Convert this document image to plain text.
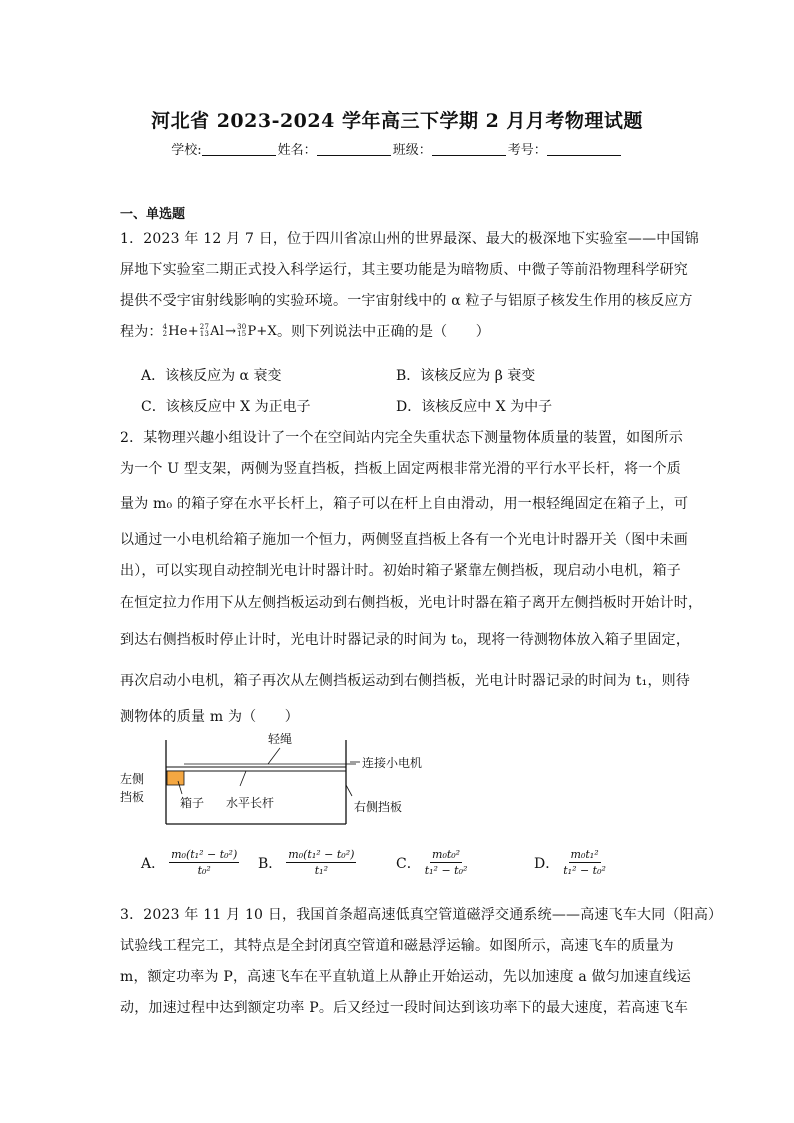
河北省 2023-2024 学年高三下学期 2 月月考物理试题
学校:	姓名：	班级：	考号：
一、单选题
1．2023 年 12 月 7 日，位于四川省凉山州的世界最深、最大的极深地下实验室——中国锦
屏地下实验室二期正式投入科学运行，其主要功能是为暗物质、中微子等前沿物理科学研究
提供不受宇宙射线影响的实验环境。一宇宙射线中的 α 粒子与铝原子核发生作用的核反应方
程为： 4
2 He+ 27
13 Al → 30
15 P+X 。则下列说法中正确的是（　　）
A．该核反应为 α 衰变	B．该核反应为 β 衰变
C．该核反应中 X 为正电子	D．该核反应中 X 为中子
2．某物理兴趣小组设计了一个在空间站内完全失重状态下测量物体质量的装置，如图所示
为一个 U 型支架，两侧为竖直挡板，挡板上固定两根非常光滑的平行水平长杆，将一个质
量为 m₀ 的箱子穿在水平长杆上，箱子可以在杆上自由滑动，用一根轻绳固定在箱子上，可
以通过一小电机给箱子施加一个恒力，两侧竖直挡板上各有一个光电计时器开关（图中未画
出），可以实现自动控制光电计时器计时。初始时箱子紧靠左侧挡板，现启动小电机，箱子
在恒定拉力作用下从左侧挡板运动到右侧挡板，光电计时器在箱子离开左侧挡板时开始计时，
到达右侧挡板时停止计时，光电计时器记录的时间为 t₀，现将一待测物体放入箱子里固定，
再次启动小电机，箱子再次从左侧挡板运动到右侧挡板，光电计时器记录的时间为 t₁，则待
测物体的质量 m 为（　　）
轻绳
连接小电机
左侧
挡板	箱子 水平长杆	右侧挡板
A． $\frac{\text{m₀(t₁² − t₀²)}}{\text{t₀²}}$ B． $\frac{\text{m₀(t₁² − t₀²)}}{\text{t₁²}}$	C． $\frac{\text{m₀t₀²}}{\text{t₁² − t₀²}}$	D． $\frac{\text{m₀t₁²}}{\text{t₁² − t₀²}}$
3．2023 年 11 月 10 日，我国首条超高速低真空管道磁浮交通系统——高速飞车大同（阳高）
试验线工程完工，其特点是全封闭真空管道和磁悬浮运输。如图所示，高速飞车的质量为
m，额定功率为 P，高速飞车在平直轨道上从静止开始运动，先以加速度 a 做匀加速直线运
动，加速过程中达到额定功率 P。后又经过一段时间达到该功率下的最大速度，若高速飞车
